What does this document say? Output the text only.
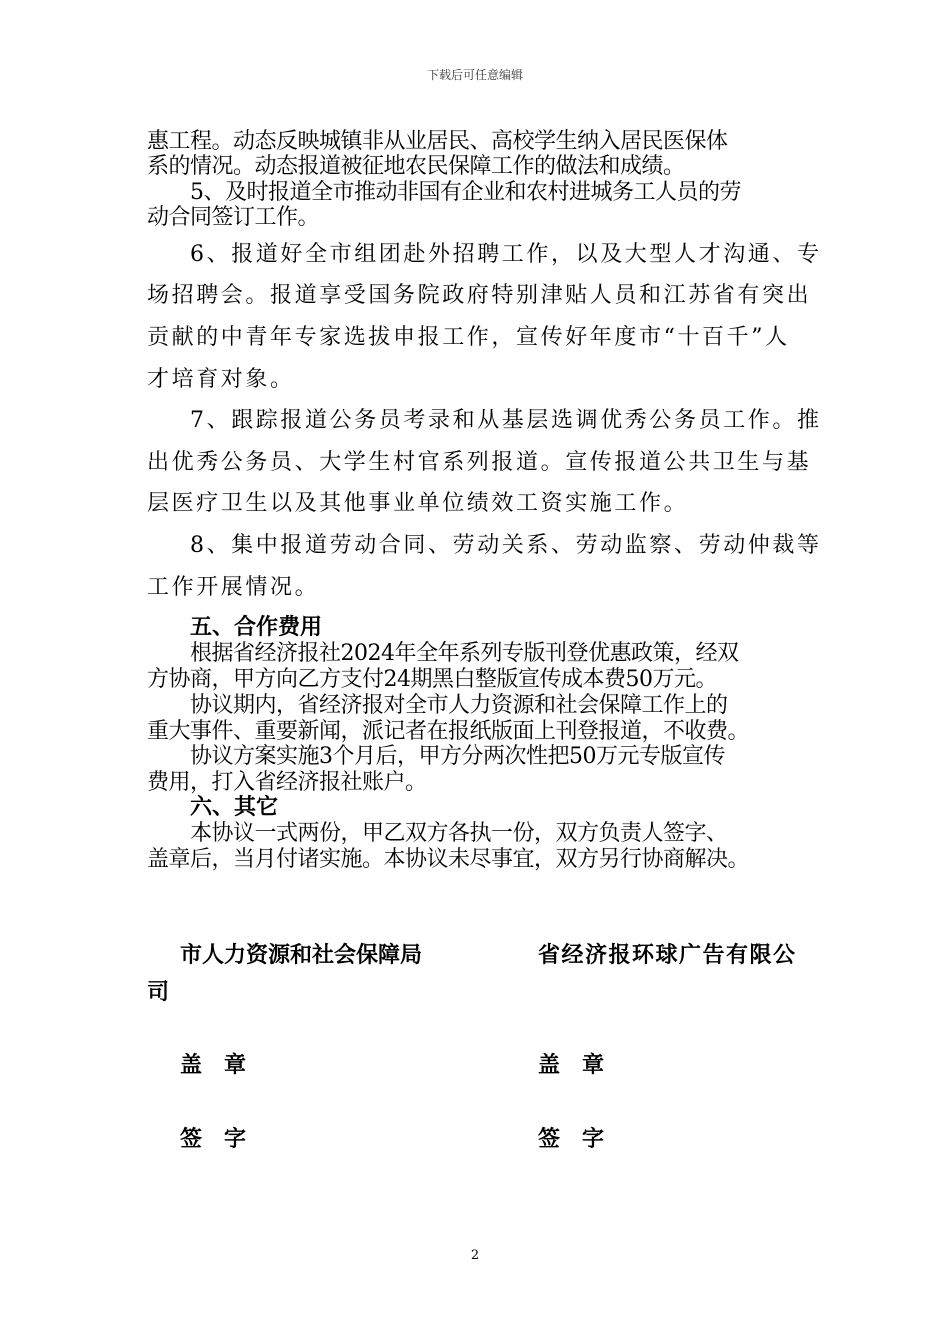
下载后可任意编辑
惠工程。动态反映城镇非从业居民、高校学生纳入居民医保体
系的情况。动态报道被征地农民保障工作的做法和成绩。
5、及时报道全市推动非国有企业和农村进城务工人员的劳
动合同签订工作。
6、报道好全市组团赴外招聘工作，以及大型人才沟通、专
场招聘会。报道享受国务院政府特别津贴人员和江苏省有突出
贡献的中青年专家选拔申报工作，宣传好年度市“十百千”人
才培育对象。
7、跟踪报道公务员考录和从基层选调优秀公务员工作。推
出优秀公务员、大学生村官系列报道。宣传报道公共卫生与基
层医疗卫生以及其他事业单位绩效工资实施工作。
8、集中报道劳动合同、劳动关系、劳动监察、劳动仲裁等
工作开展情况。
五、合作费用
根据省经济报社2024年全年系列专版刊登优惠政策，经双
方协商，甲方向乙方支付24期黑白整版宣传成本费50万元。
协议期内，省经济报对全市人力资源和社会保障工作上的
重大事件、重要新闻，派记者在报纸版面上刊登报道，不收费。
协议方案实施3个月后，甲方分两次性把50万元专版宣传
费用，打入省经济报社账户。
六、其它
本协议一式两份，甲乙双方各执一份，双方负责人签字、
盖章后，当月付诸实施。本协议未尽事宜，双方另行协商解决。
市人力资源和社会保障局	省经济报环球广告有限公
司
盖　章	盖　章
签　字	签　字
2
